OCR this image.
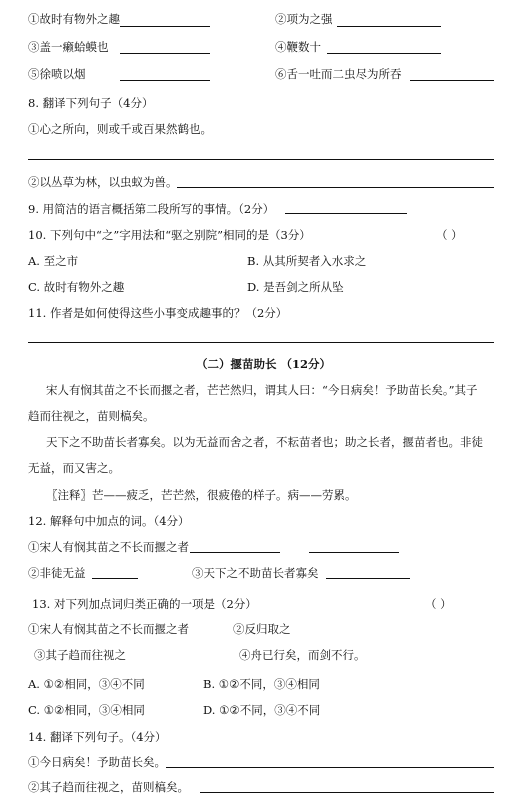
①故时有物外之趣	②项为之强
③盖一癞蛤蟆也	④鞭数十
⑤徐喷以烟	⑥舌一吐而二虫尽为所吞
8. 翻译下列句子（4分）
①心之所向，则或千或百果然鹤也。
②以丛草为林，以虫蚁为兽。
9. 用简洁的语言概括第二段所写的事情。（2分）
10. 下列句中“之”字用法和“驱之别院”相同的是（3分）	（ ）
A. 至之市	B. 从其所契者入水求之
C. 故时有物外之趣	D. 是吾剑之所从坠
11. 作者是如何使得这些小事变成趣事的？（2分）
（二）揠苗助长 （12分）
宋人有悯其苗之不长而揠之者，芒芒然归，谓其人曰：“今日病矣！予助苗长矣。”其子
趋而往视之，苗则槁矣。
天下之不助苗长者寡矣。以为无益而舍之者，不耘苗者也；助之长者，揠苗者也。非徒
无益，而又害之。
〖注释〗芒——疲乏，芒芒然，很疲倦的样子。病——劳累。
12. 解释句中加点的词。（4分）
①宋人有悯其苗之不长而揠之者
②非徒无益	③天下之不助苗长者寡矣
13. 对下列加点词归类正确的一项是（2分）	（ ）
①宋人有悯其苗之不长而揠之者	②反归取之
③其子趋而往视之	④舟已行矣，而剑不行。
A. ①②相同，③④不同	B. ①②不同，③④相同
C. ①②相同，③④相同	D. ①②不同，③④不同
14. 翻译下列句子。（4分）
①今日病矣！予助苗长矣。
②其子趋而往视之，苗则槁矣。
